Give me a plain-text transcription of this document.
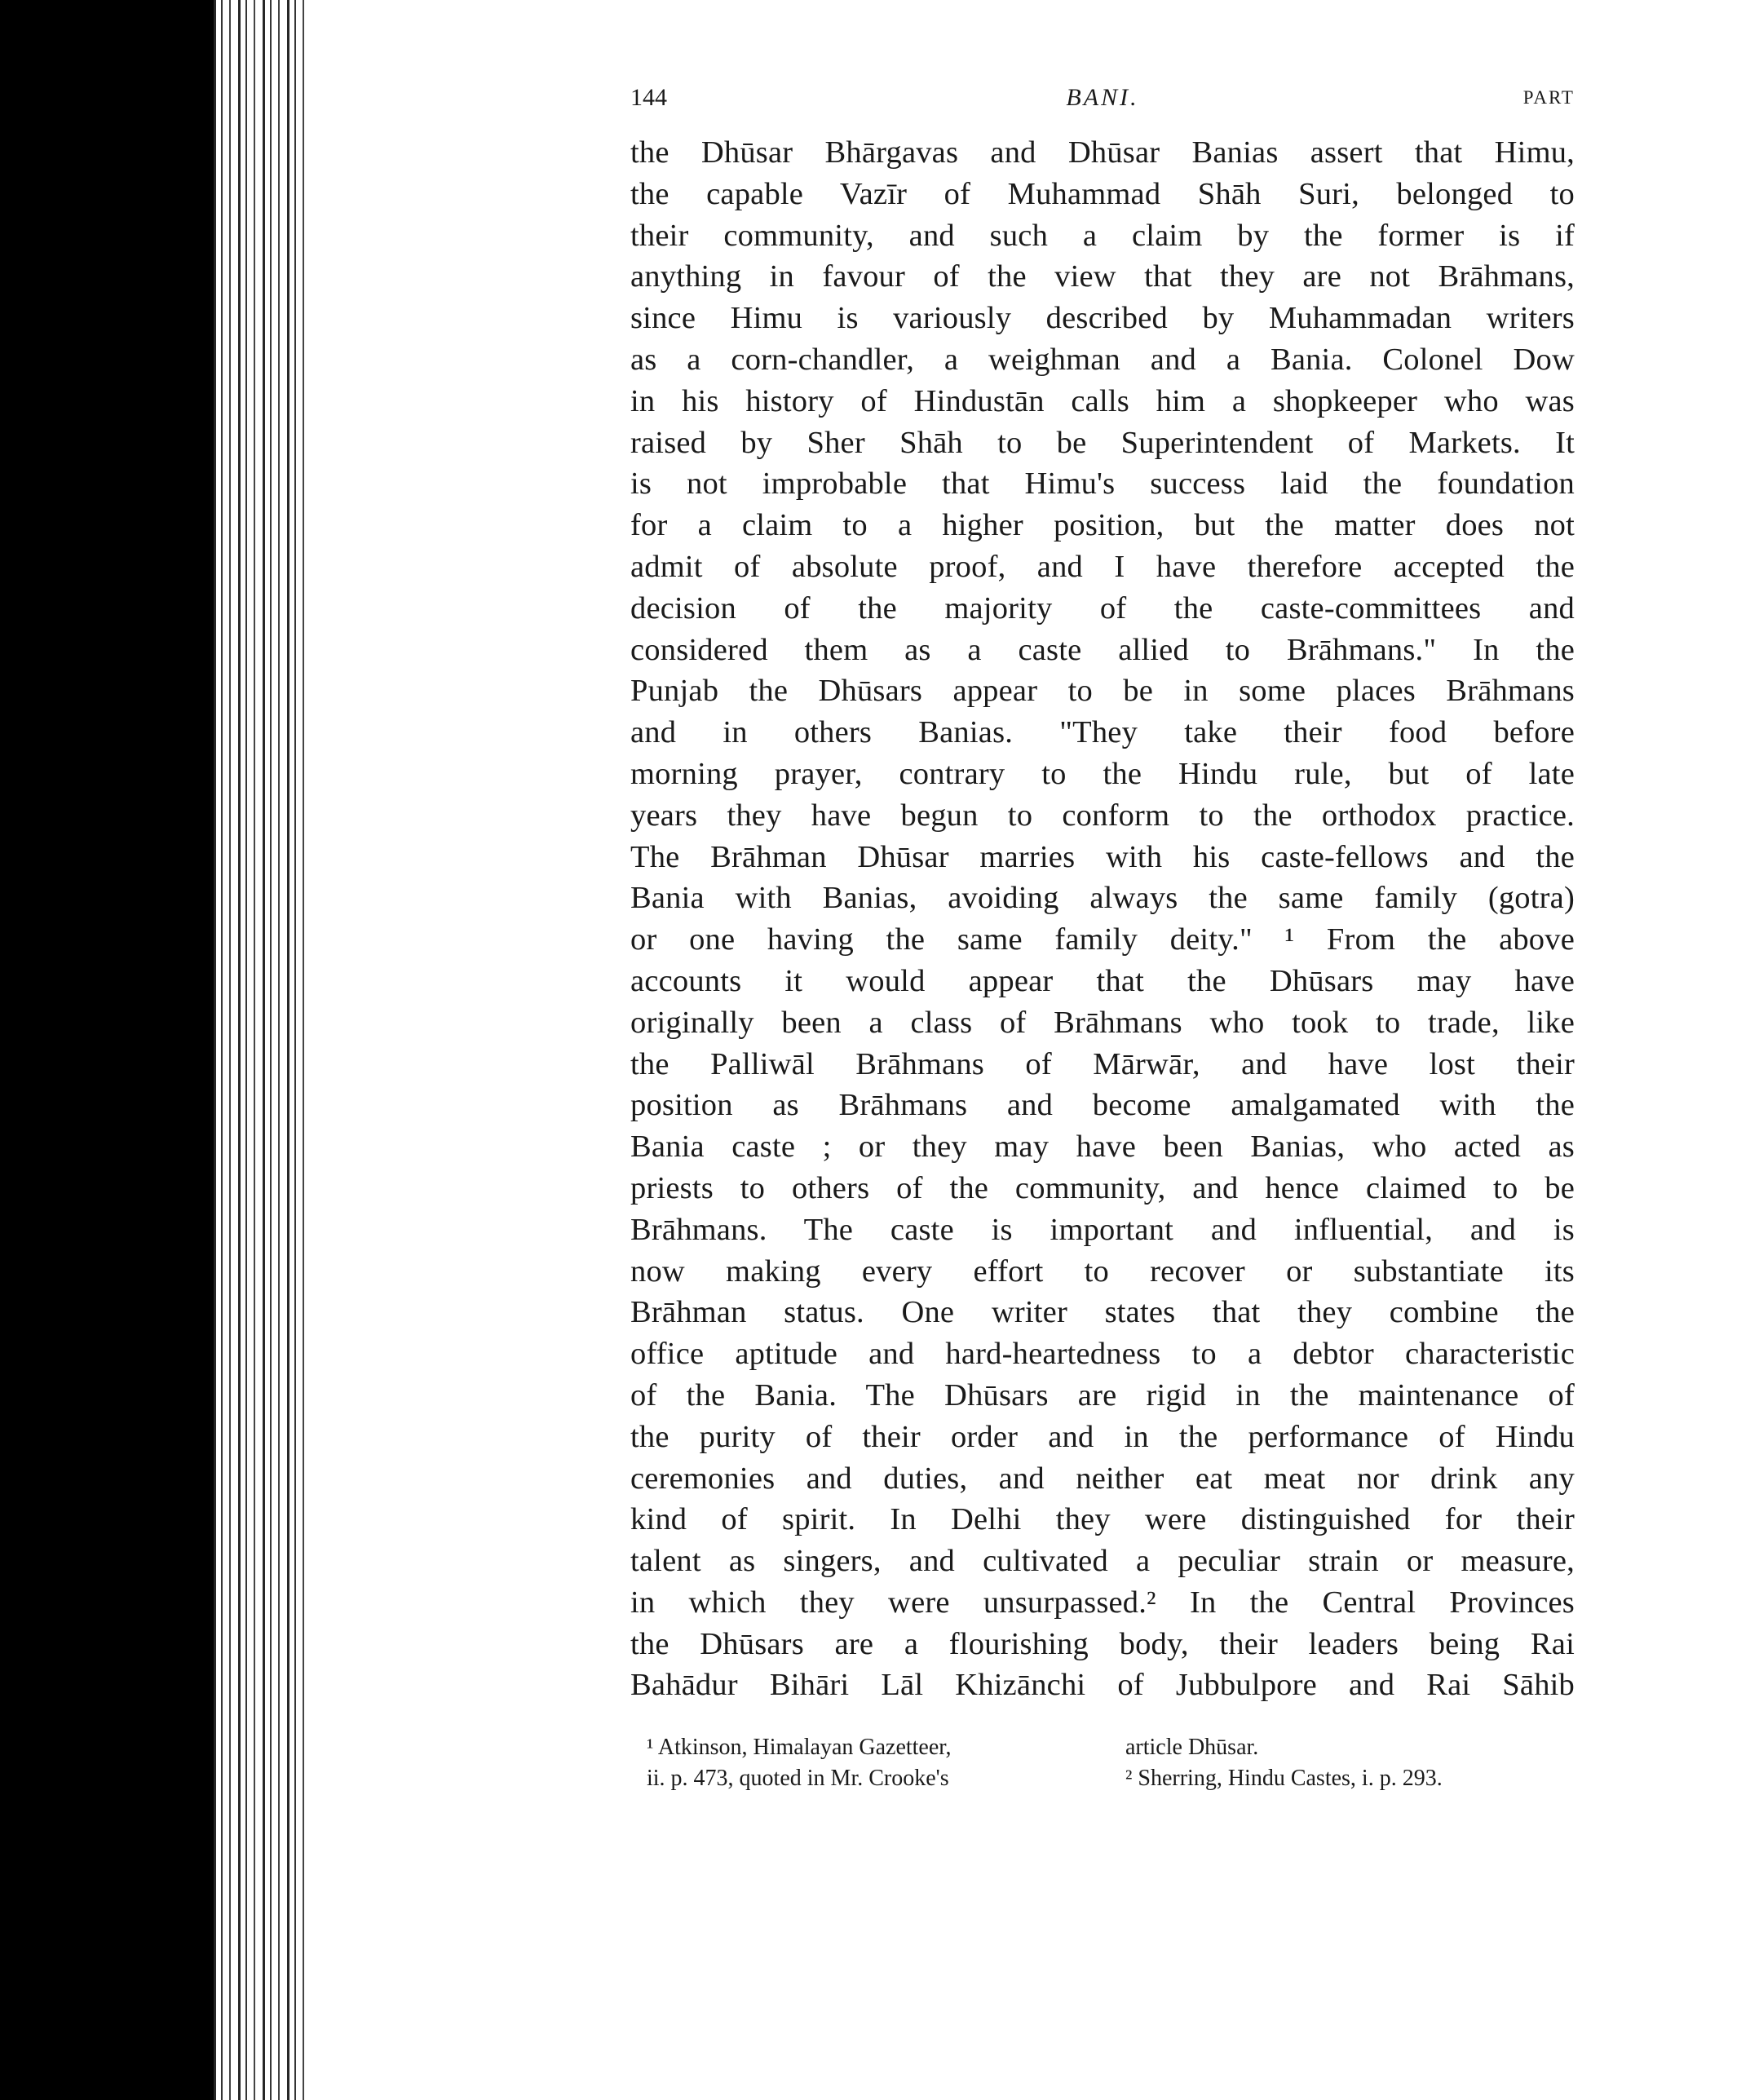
144	BANI.	PART
the Dhūsar Bhārgavas and Dhūsar Banias assert that Himu,
the capable Vazīr of Muhammad Shāh Suri, belonged to
their community, and such a claim by the former is if
anything in favour of the view that they are not Brāhmans,
since Himu is variously described by Muhammadan writers
as a corn-chandler, a weighman and a Bania. Colonel Dow
in his history of Hindustān calls him a shopkeeper who was
raised by Sher Shāh to be Superintendent of Markets. It
is not improbable that Himu's success laid the foundation
for a claim to a higher position, but the matter does not
admit of absolute proof, and I have therefore accepted the
decision of the majority of the caste-committees and
considered them as a caste allied to Brāhmans." In the
Punjab the Dhūsars appear to be in some places Brāhmans
and in others Banias. "They take their food before
morning prayer, contrary to the Hindu rule, but of late
years they have begun to conform to the orthodox practice.
The Brāhman Dhūsar marries with his caste-fellows and the
Bania with Banias, avoiding always the same family (gotra)
or one having the same family deity." ¹ From the above
accounts it would appear that the Dhūsars may have
originally been a class of Brāhmans who took to trade, like
the Palliwāl Brāhmans of Mārwār, and have lost their
position as Brāhmans and become amalgamated with the
Bania caste ; or they may have been Banias, who acted as
priests to others of the community, and hence claimed to be
Brāhmans. The caste is important and influential, and is
now making every effort to recover or substantiate its
Brāhman status. One writer states that they combine the
office aptitude and hard-heartedness to a debtor characteristic
of the Bania. The Dhūsars are rigid in the maintenance of
the purity of their order and in the performance of Hindu
ceremonies and duties, and neither eat meat nor drink any
kind of spirit. In Delhi they were distinguished for their
talent as singers, and cultivated a peculiar strain or measure,
in which they were unsurpassed.² In the Central Provinces
the Dhūsars are a flourishing body, their leaders being Rai
Bahādur Bihāri Lāl Khizānchi of Jubbulpore and Rai Sāhib
¹ Atkinson, Himalayan Gazetteer,
ii. p. 473, quoted in Mr. Crooke's
article Dhūsar.
² Sherring, Hindu Castes, i. p. 293.
